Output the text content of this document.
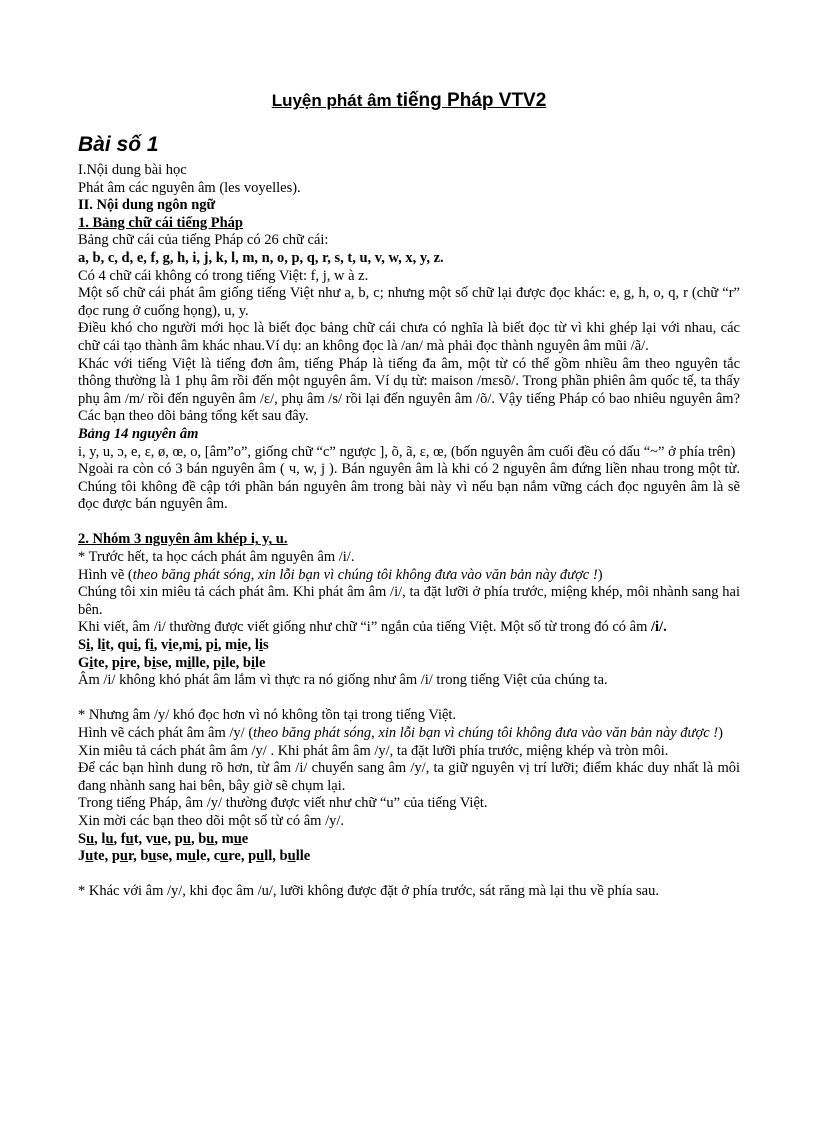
Luyện phát âm tiếng Pháp VTV2

Bài số 1

I.Nội dung bài học

Phát âm các nguyên âm (les voyelles).

II. Nội dung ngôn ngữ

1. Bảng chữ cái tiếng Pháp

Bảng chữ cái của tiếng Pháp có 26 chữ cái:

a, b, c, d, e, f, g, h, i, j, k, l, m, n, o, p, q, r, s, t, u, v, w, x, y, z.

Có 4 chữ cái không có trong tiếng Việt: f, j, w à z.

Một số chữ cái phát âm giống tiếng Việt như a, b, c; nhưng một số chữ lại được đọc khác: e, g, h, o, q, r (chữ “r” đọc rung ở cuống họng), u, y.

Điều khó cho người mới học là biết đọc bảng chữ cái chưa có nghĩa là biết đọc từ vì khi ghép lại với nhau, các chữ cái tạo thành âm khác nhau.Ví dụ: an không đọc là /an/ mà phải đọc thành nguyên âm mũi /ã/.

Khác với tiếng Việt là tiếng đơn âm, tiếng Pháp là tiếng đa âm, một từ có thể gồm nhiều âm theo nguyên tắc thông thường là 1 phụ âm rồi đến một nguyên âm. Ví dụ từ: maison /mɛsõ/. Trong phần phiên âm quốc tế, ta thấy phụ âm /m/ rồi đến nguyên âm /ɛ/, phụ âm /s/ rồi lại đến nguyên âm /õ/. Vậy tiếng Pháp có bao nhiêu nguyên âm? Các bạn theo dõi bảng tổng kết sau đây.

Bảng 14 nguyên âm

i, y, u, ɔ, e, ɛ, ø, œ, o, [âm”o”, giống chữ “c” ngược ], õ, ã, ɛ, œ, (bốn nguyên âm cuối đều có dấu “~” ở phía trên)

Ngoài ra còn có 3 bán nguyên âm ( ч, w, j ). Bán nguyên âm là khi có 2 nguyên âm đứng liền nhau trong một từ. Chúng tôi không đề cập tới phần bán nguyên âm trong bài này vì nếu bạn nắm vững cách đọc nguyên âm là sẽ đọc được bán nguyên âm.

2. Nhóm 3 nguyên âm khép i, y, u.

* Trước hết, ta học cách phát âm nguyên âm /i/.

Hình vẽ (theo băng phát sóng, xin lỗi bạn vì chúng tôi không đưa vào văn bản này được !)

Chúng tôi xin miêu tả cách phát âm. Khi phát âm âm /i/, ta đặt lưỡi ở phía trước, miệng khép, môi nhành sang hai bên.

Khi viết, âm /i/ thường được viết giống như chữ “i” ngắn của tiếng Việt. Một số từ trong đó có âm /i/.

Si, lit, qui, fi, vie,mi, pi, mie, lis

Gite, pire, bise, mille, pile, bile

Âm /i/ không khó phát âm lắm vì thực ra nó giống như âm /i/ trong tiếng Việt của chúng ta.

* Nhưng âm /y/ khó đọc hơn vì nó không tồn tại trong tiếng Việt.

Hình vẽ cách phát âm âm /y/ (theo băng phát sóng, xin lỗi bạn vì chúng tôi không đưa vào văn bản này được !)

Xin miêu tả cách phát âm âm /y/ . Khi phát âm âm /y/, ta đặt lưỡi phía trước, miệng khép và tròn môi.

Để các bạn hình dung rõ hơn, từ âm /i/ chuyển sang âm /y/, ta giữ nguyên vị trí lưỡi; điểm khác duy nhất là môi đang nhành sang hai bên, bây giờ sẽ chụm lại.

Trong tiếng Pháp, âm /y/ thường được viết như chữ “u” của tiếng Việt.

Xin mời các bạn theo dõi một số từ có âm /y/.

Su, lu, fut, vue, pu, bu, mue

Jute, pur, buse, mule, cure, pull, bulle

* Khác với âm /y/, khi đọc âm /u/, lưỡi không được đặt ở phía trước, sát răng mà lại thu về phía sau.
